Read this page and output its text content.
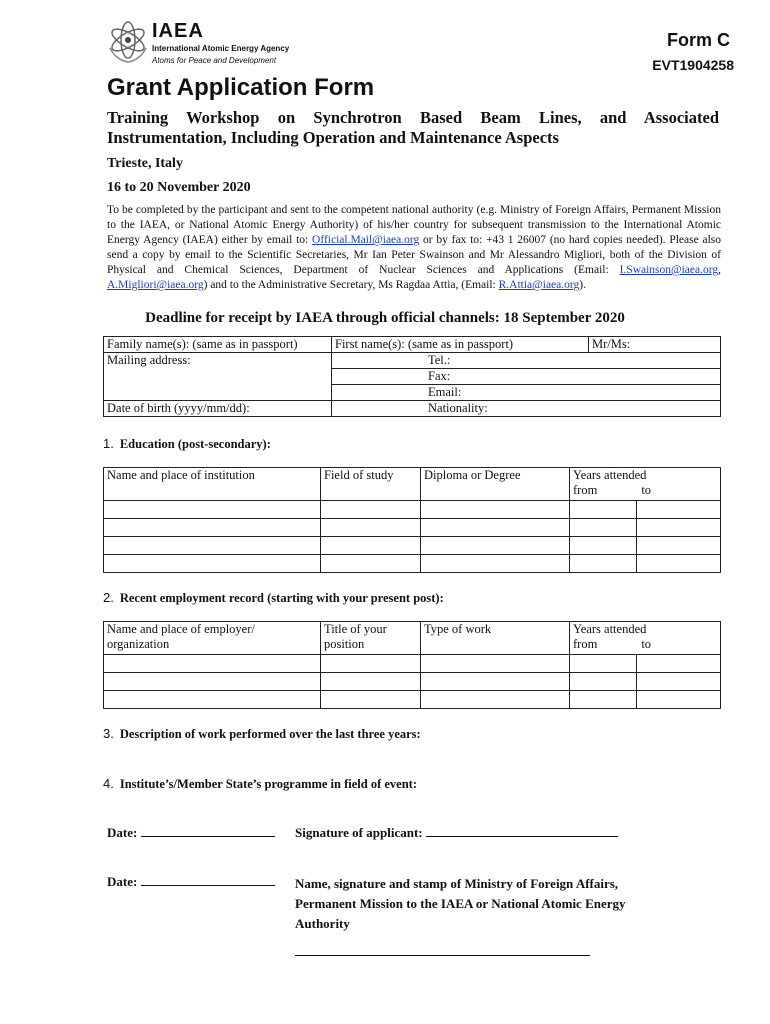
IAEA
International Atomic Energy Agency
Atoms for Peace and Development
Form C
EVT1904258
Grant Application Form
Training Workshop on Synchrotron Based Beam Lines, and Associated Instrumentation, Including Operation and Maintenance Aspects
Trieste, Italy
16 to 20 November 2020
To be completed by the participant and sent to the competent national authority (e.g. Ministry of Foreign Affairs, Permanent Mission to the IAEA, or National Atomic Energy Authority) of his/her country for subsequent transmission to the International Atomic Energy Agency (IAEA) either by email to: Official.Mail@iaea.org or by fax to: +43 1 26007 (no hard copies needed). Please also send a copy by email to the Scientific Secretaries, Mr Ian Peter Swainson and Mr Alessandro Migliori, both of the Division of Physical and Chemical Sciences, Department of Nuclear Sciences and Applications (Email: I.Swainson@iaea.org, A.Migliori@iaea.org) and to the Administrative Secretary, Ms Ragdaa Attia, (Email: R.Attia@iaea.org).
Deadline for receipt by IAEA through official channels: 18 September 2020
Family name(s): (same as in passport)	First name(s): (same as in passport)	Mr/Ms:
Mailing address:	Tel.:	
	Fax:	
	Email:	
Date of birth (yyyy/mm/dd):	Nationality:	
1. Education (post-secondary):
Name and place of institution	Field of study	Diploma or Degree	Years attended
from to	

2. Recent employment record (starting with your present post):
Name and place of employer/ organization	Title of your position	Type of work	Years attended
from to	

3. Description of work performed over the last three years:
4. Institute’s/Member State’s programme in field of event:
Date:	Signature of applicant:
Date:	Name, signature and stamp of Ministry of Foreign Affairs, Permanent Mission to the IAEA or National Atomic Energy Authority
